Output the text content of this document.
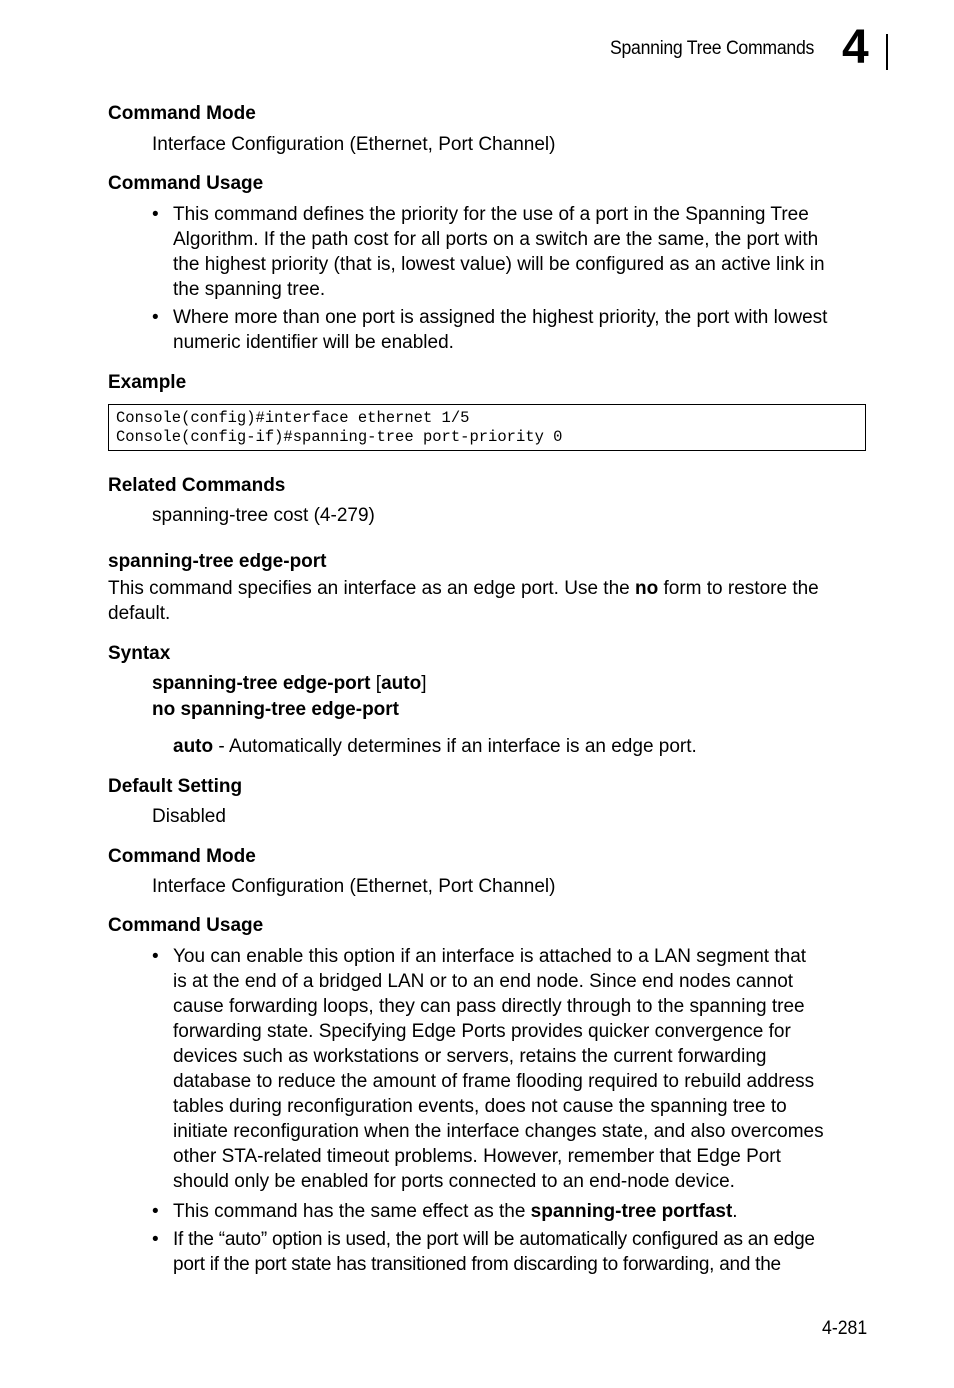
Spanning Tree Commands 4
Command Mode
Interface Configuration (Ethernet, Port Channel)
Command Usage
• This command defines the priority for the use of a port in the Spanning Tree
Algorithm. If the path cost for all ports on a switch are the same, the port with
the highest priority (that is, lowest value) will be configured as an active link in
the spanning tree.
• Where more than one port is assigned the highest priority, the port with lowest
numeric identifier will be enabled.
Example
Console(config)#interface ethernet 1/5
Console(config-if)#spanning-tree port-priority 0
Related Commands
spanning-tree cost (4-279)
spanning-tree edge-port
This command specifies an interface as an edge port. Use the no form to restore the
default.
Syntax
spanning-tree edge-port [auto]
no spanning-tree edge-port
auto - Automatically determines if an interface is an edge port.
Default Setting
Disabled
Command Mode
Interface Configuration (Ethernet, Port Channel)
Command Usage
• You can enable this option if an interface is attached to a LAN segment that
is at the end of a bridged LAN or to an end node. Since end nodes cannot
cause forwarding loops, they can pass directly through to the spanning tree
forwarding state. Specifying Edge Ports provides quicker convergence for
devices such as workstations or servers, retains the current forwarding
database to reduce the amount of frame flooding required to rebuild address
tables during reconfiguration events, does not cause the spanning tree to
initiate reconfiguration when the interface changes state, and also overcomes
other STA-related timeout problems. However, remember that Edge Port
should only be enabled for ports connected to an end-node device.
• This command has the same effect as the spanning-tree portfast.
• If the “auto” option is used, the port will be automatically configured as an edge
port if the port state has transitioned from discarding to forwarding, and the
4-281
